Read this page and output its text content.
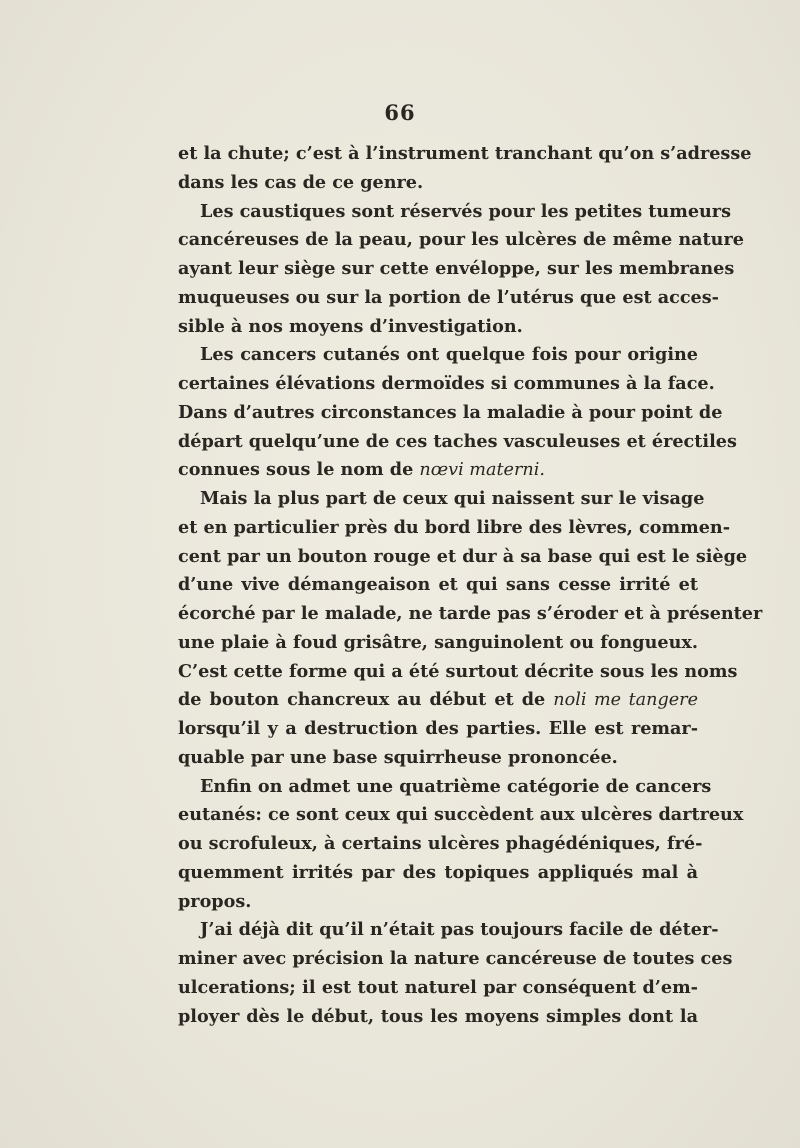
66
et la chute; c’est à l’instrument tranchant qu’on s’adresse
dans les cas de ce genre.
Les caustiques sont réservés pour les petites tumeurs
cancéreuses de la peau, pour les ulcères de même nature
ayant leur siège sur cette envéloppe, sur les membranes
muqueuses ou sur la portion de l’utérus que est acces-
sible à nos moyens d’investigation.
Les cancers cutanés ont quelque fois pour origine
certaines élévations dermoïdes si communes à la face.
Dans d’autres circonstances la maladie à pour point de
départ quelqu’une de ces taches vasculeuses et érectiles
connues sous le nom de nœvi materni.
Mais la plus part de ceux qui naissent sur le visage
et en particulier près du bord libre des lèvres, commen-
cent par un bouton rouge et dur à sa base qui est le siège
d’une vive démangeaison et qui sans cesse irrité et
écorché par le malade, ne tarde pas s’éroder et à présenter
une plaie à foud grisâtre, sanguinolent ou fongueux.
C’est cette forme qui a été surtout décrite sous les noms
de bouton chancreux au début et de noli me tangere
lorsqu’il y a destruction des parties. Elle est remar-
quable par une base squirrheuse prononcée.
Enfin on admet une quatrième catégorie de cancers
eutanés: ce sont ceux qui succèdent aux ulcères dartreux
ou scrofuleux, à certains ulcères phagédéniques, fré-
quemment irrités par des topiques appliqués mal à
propos.
J’ai déjà dit qu’il n’était pas toujours facile de déter-
miner avec précision la nature cancéreuse de toutes ces
ulcerations; il est tout naturel par conséquent d’em-
ployer dès le début, tous les moyens simples dont la
